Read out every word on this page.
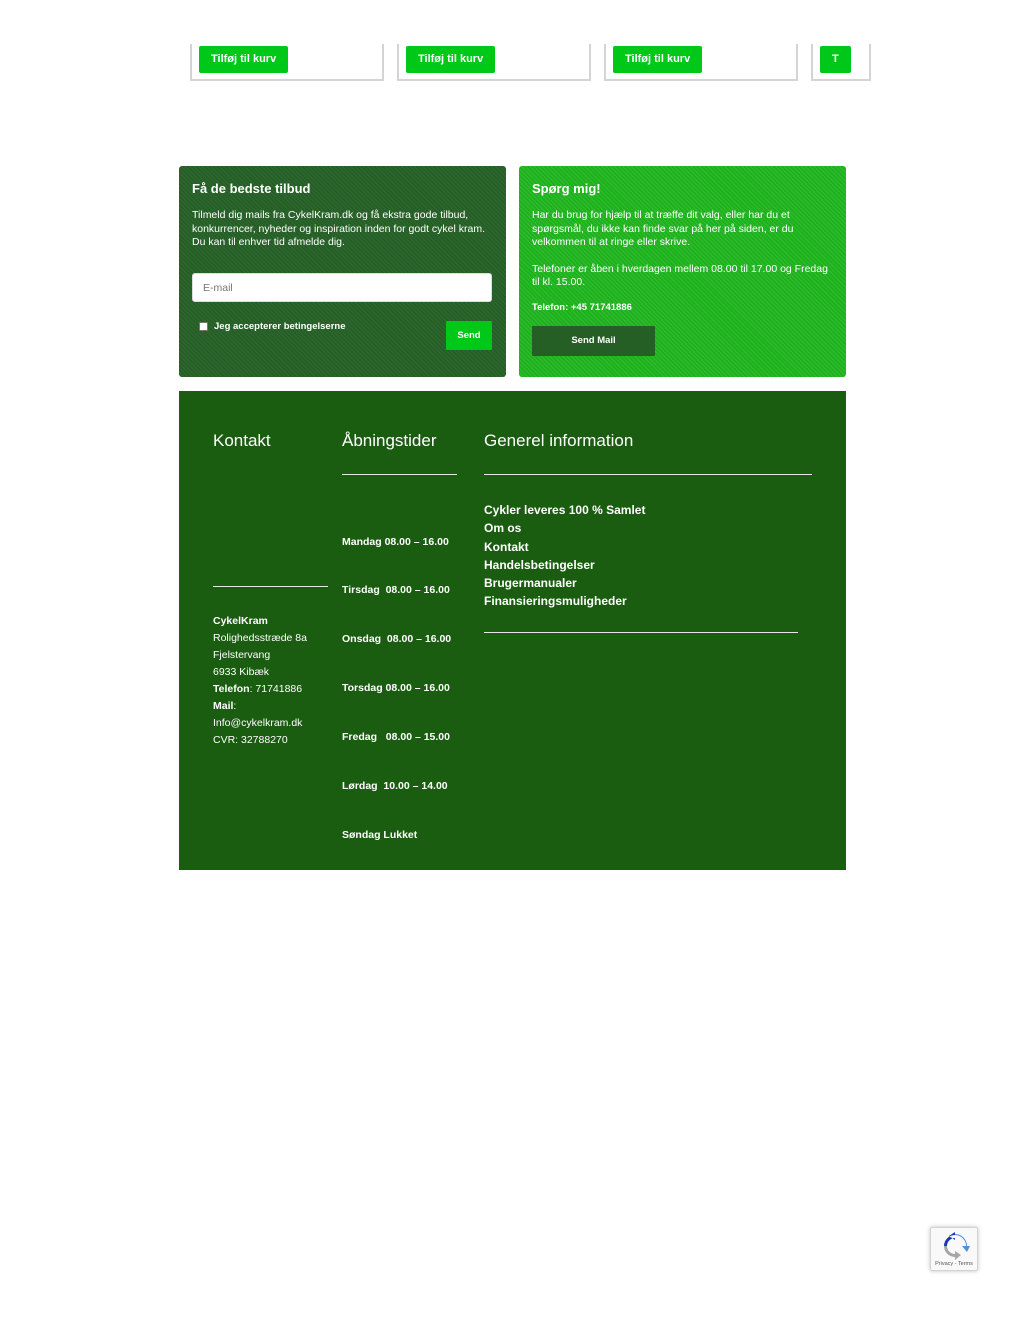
Tilføj til kurv	Tilføj til kurv	Tilføj til kurv	T
Få de bedste tilbud

Tilmeld dig mails fra CykelKram.dk og få ekstra gode tilbud, konkurrencer, nyheder og inspiration inden for godt cykel kram.

Du kan til enhver tid afmelde dig.

E-mail
Jeg accepterer betingelserne
Send
Spørg mig!

Har du brug for hjælp til at træffe dit valg, eller har du et spørgsmål, du ikke kan finde svar på her på siden, er du velkommen til at ringe eller skrive.

Telefoner er åben i hverdagen mellem 08.00 til 17.00 og Fredag til kl. 15.00.

Telefon: +45 71741886
Send Mail
Kontakt	Åbningstider	Generel information

Mandag 08.00 – 16.00

Tirsdag  08.00 – 16.00

Onsdag  08.00 – 16.00

Torsdag 08.00 – 16.00

Fredag   08.00 – 15.00

Lørdag  10.00 – 14.00

Søndag Lukket

CykelKram
Rolighedsstræde 8a
Fjelstervang
6933 Kibæk
Telefon: 71741886
Mail:
Info@cykelkram.dk
CVR: 32788270
Cykler leveres 100 % Samlet
Om os
Kontakt
Handelsbetingelser
Brugermanualer
Finansieringsmuligheder
Privacy - Terms
